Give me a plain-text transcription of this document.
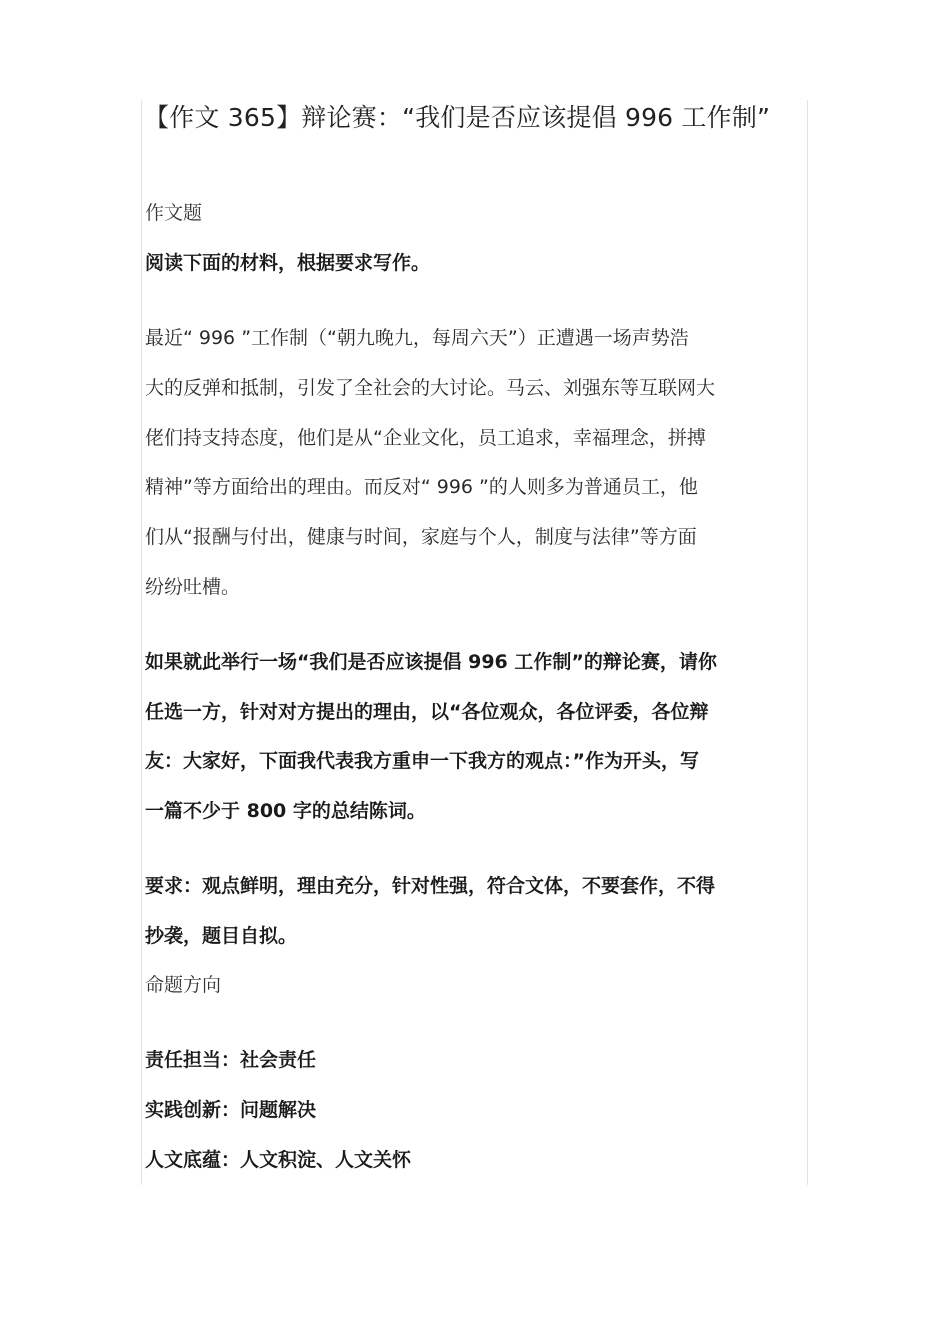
【作文 365】辩论赛：“我们是否应该提倡 996 工作制”
作文题
阅读下面的材料，根据要求写作。
最近“ 996 ”工作制（“朝九晚九，每周六天”）正遭遇一场声势浩
大的反弹和抵制，引发了全社会的大讨论。马云、刘强东等互联网大
佬们持支持态度，他们是从“企业文化，员工追求，幸福理念，拼搏
精神”等方面给出的理由。而反对“ 996 ”的人则多为普通员工，他
们从“报酬与付出，健康与时间，家庭与个人，制度与法律”等方面
纷纷吐槽。
如果就此举行一场“我们是否应该提倡 996 工作制”的辩论赛，请你
任选一方，针对对方提出的理由，以“各位观众，各位评委，各位辩
友：大家好，下面我代表我方重申一下我方的观点：”作为开头，写
一篇不少于 800 字的总结陈词。
要求：观点鲜明，理由充分，针对性强，符合文体，不要套作，不得
抄袭，题目自拟。
命题方向
责任担当：社会责任
实践创新：问题解决
人文底蕴：人文积淀、人文关怀
